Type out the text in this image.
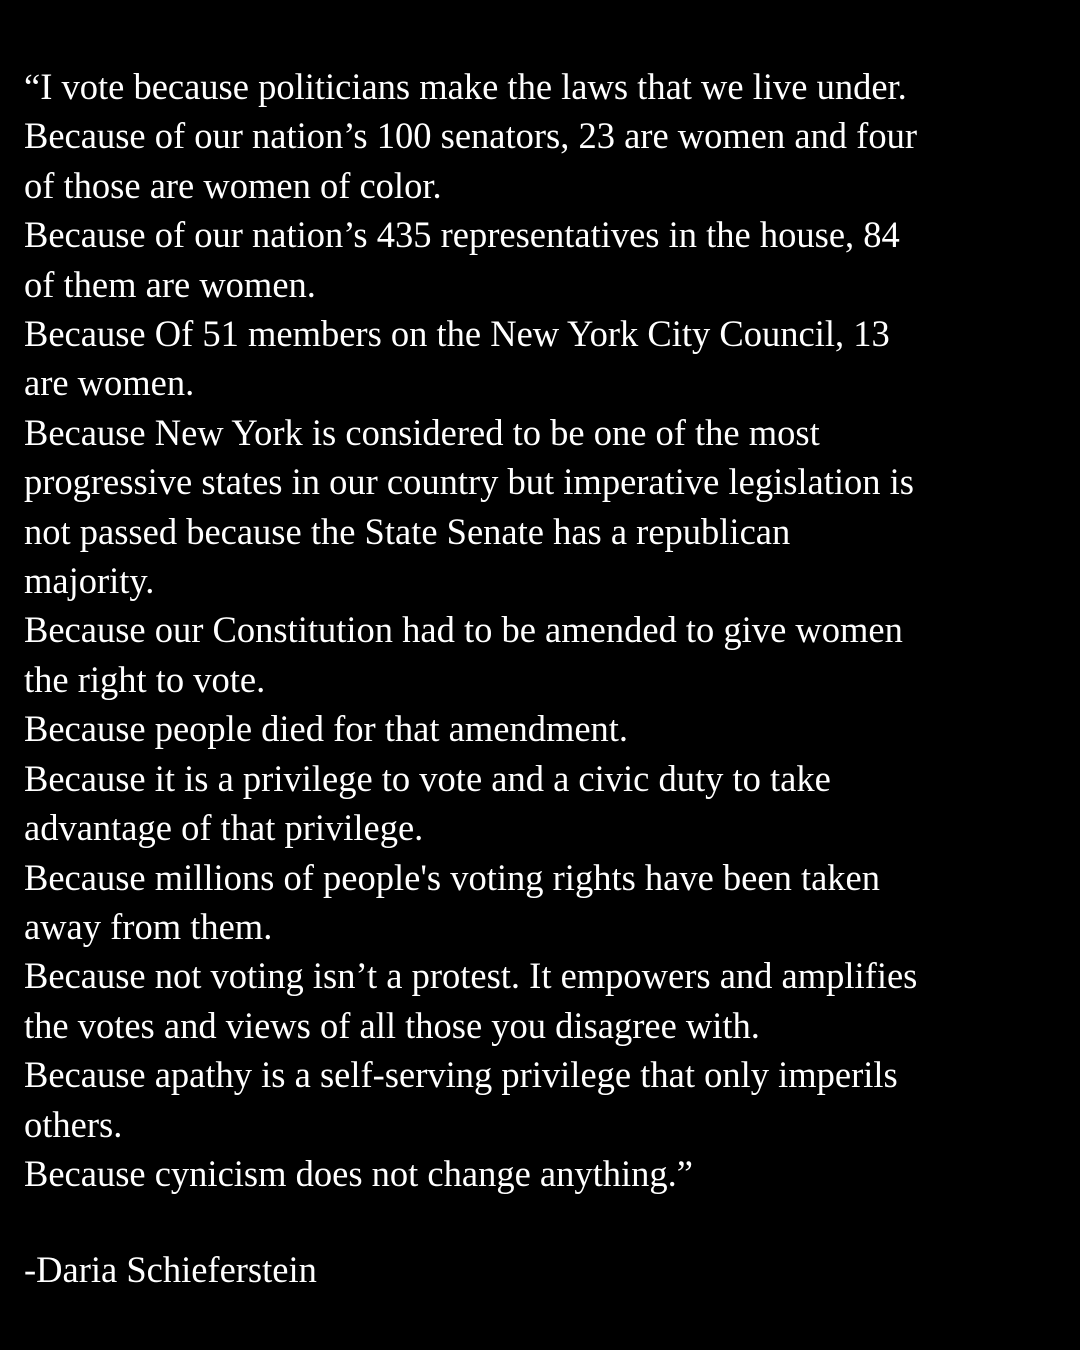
“I vote because politicians make the laws that we live under.
Because of our nation’s 100 senators, 23 are women and four
of those are women of color.
Because of our nation’s 435 representatives in the house, 84
of them are women.
Because Of 51 members on the New York City Council, 13
are women.
Because New York is considered to be one of the most
progressive states in our country but imperative legislation is
not passed because the State Senate has a republican
majority.
Because our Constitution had to be amended to give women
the right to vote.
Because people died for that amendment.
Because it is a privilege to vote and a civic duty to take
advantage of that privilege.
Because millions of people's voting rights have been taken
away from them.
Because not voting isn’t a protest. It empowers and amplifies
the votes and views of all those you disagree with.
Because apathy is a self-serving privilege that only imperils
others.
Because cynicism does not change anything.”

-Daria Schieferstein
